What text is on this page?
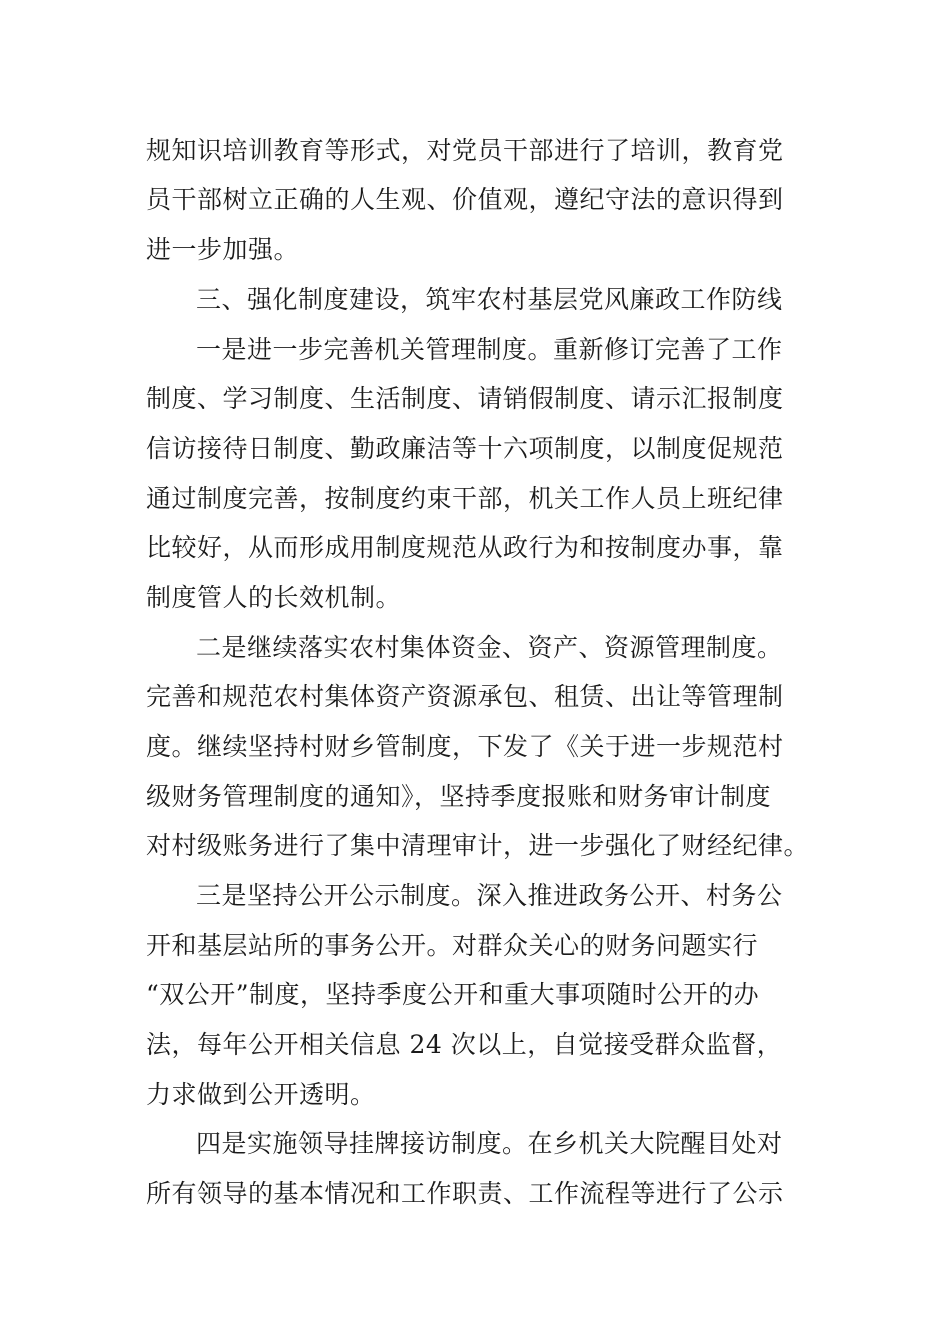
规知识培训教育等形式，对党员干部进行了培训，教育党
员干部树立正确的人生观、价值观，遵纪守法的意识得到
进一步加强。
三、强化制度建设，筑牢农村基层党风廉政工作防线
一是进一步完善机关管理制度。重新修订完善了工作
制度、学习制度、生活制度、请销假制度、请示汇报制度
信访接待日制度、勤政廉洁等十六项制度，以制度促规范
通过制度完善，按制度约束干部，机关工作人员上班纪律
比较好，从而形成用制度规范从政行为和按制度办事，靠
制度管人的长效机制。
二是继续落实农村集体资金、资产、资源管理制度。
完善和规范农村集体资产资源承包、租赁、出让等管理制
度。继续坚持村财乡管制度，下发了《关于进一步规范村
级财务管理制度的通知》，坚持季度报账和财务审计制度
对村级账务进行了集中清理审计，进一步强化了财经纪律。
三是坚持公开公示制度。深入推进政务公开、村务公
开和基层站所的事务公开。对群众关心的财务问题实行
“双公开”制度，坚持季度公开和重大事项随时公开的办
法，每年公开相关信息 24 次以上，自觉接受群众监督，
力求做到公开透明。
四是实施领导挂牌接访制度。在乡机关大院醒目处对
所有领导的基本情况和工作职责、工作流程等进行了公示
